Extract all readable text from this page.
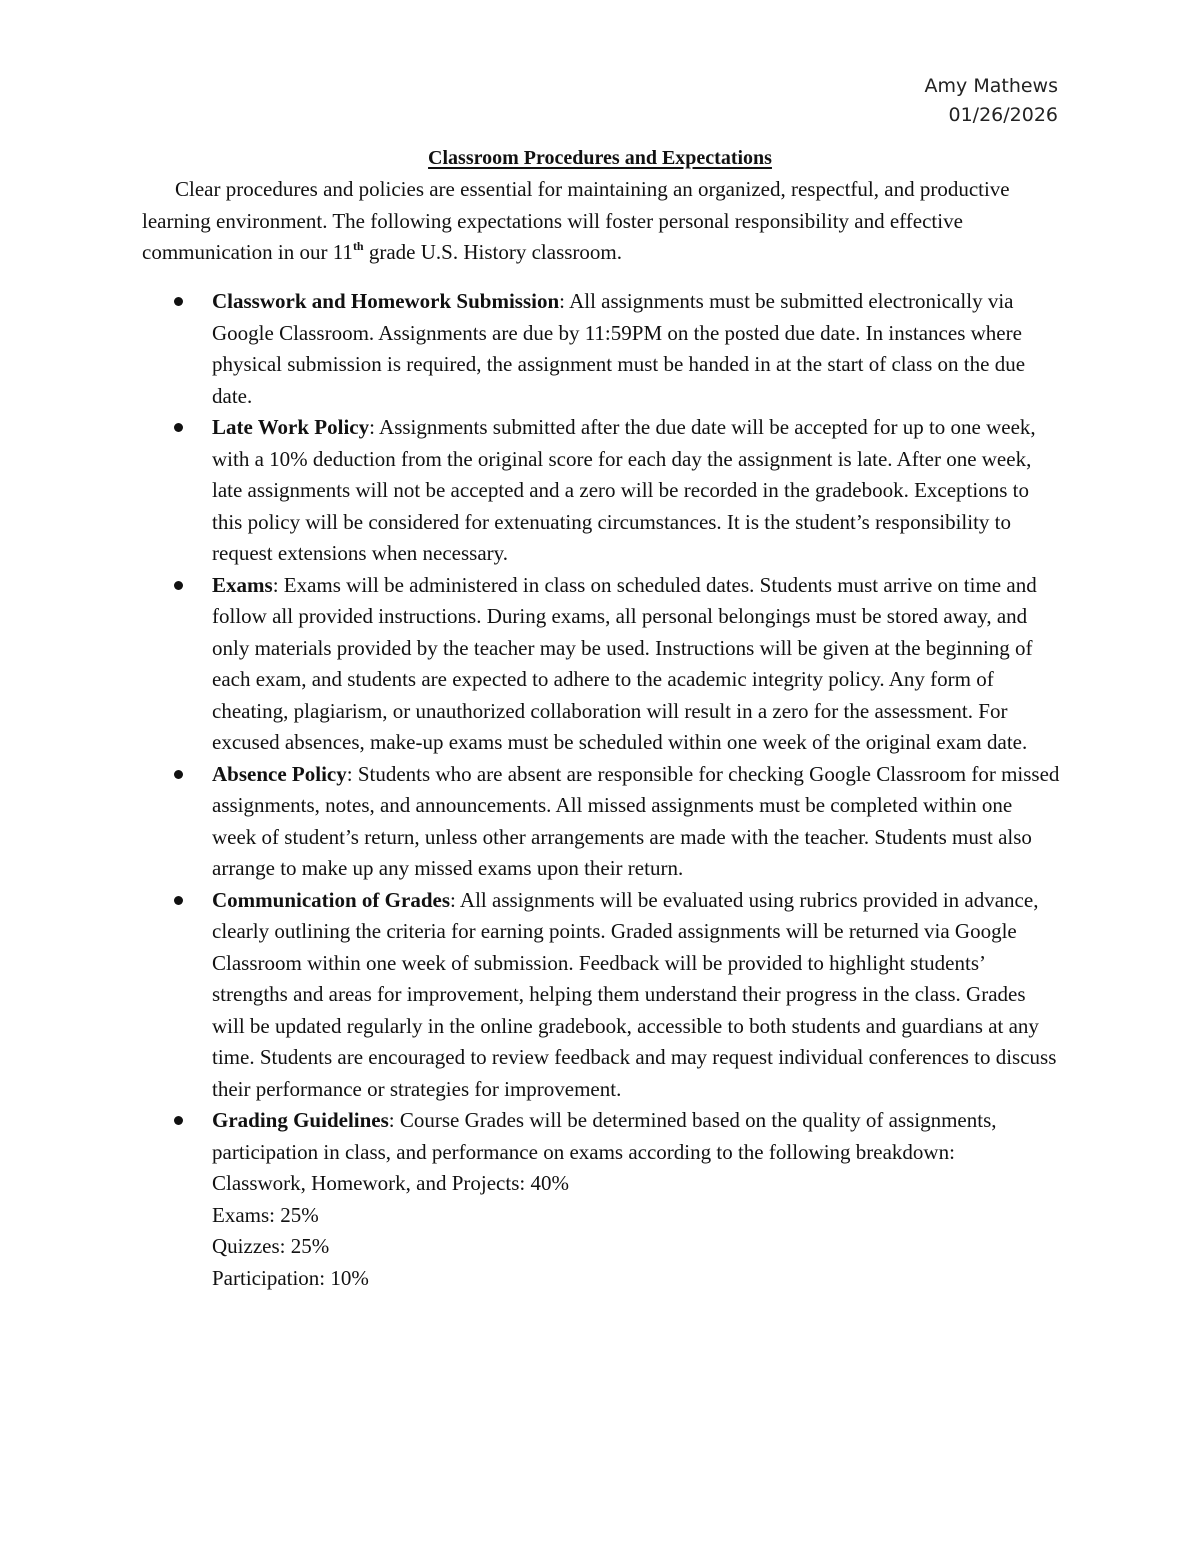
Amy Mathews
01/26/2026
Classroom Procedures and Expectations

Clear procedures and policies are essential for maintaining an organized, respectful, and productive learning environment. The following expectations will foster personal responsibility and effective communication in our 11th grade U.S. History classroom.

Classwork and Homework Submission: All assignments must be submitted electronically via Google Classroom. Assignments are due by 11:59PM on the posted due date. In instances where physical submission is required, the assignment must be handed in at the start of class on the due date.
Late Work Policy: Assignments submitted after the due date will be accepted for up to one week, with a 10% deduction from the original score for each day the assignment is late. After one week, late assignments will not be accepted and a zero will be recorded in the gradebook. Exceptions to this policy will be considered for extenuating circumstances. It is the student’s responsibility to request extensions when necessary.
Exams: Exams will be administered in class on scheduled dates. Students must arrive on time and follow all provided instructions. During exams, all personal belongings must be stored away, and only materials provided by the teacher may be used. Instructions will be given at the beginning of each exam, and students are expected to adhere to the academic integrity policy. Any form of cheating, plagiarism, or unauthorized collaboration will result in a zero for the assessment. For excused absences, make-up exams must be scheduled within one week of the original exam date.
Absence Policy: Students who are absent are responsible for checking Google Classroom for missed assignments, notes, and announcements. All missed assignments must be completed within one week of student’s return, unless other arrangements are made with the teacher. Students must also arrange to make up any missed exams upon their return.
Communication of Grades: All assignments will be evaluated using rubrics provided in advance, clearly outlining the criteria for earning points. Graded assignments will be returned via Google Classroom within one week of submission. Feedback will be provided to highlight students’ strengths and areas for improvement, helping them understand their progress in the class. Grades will be updated regularly in the online gradebook, accessible to both students and guardians at any time. Students are encouraged to review feedback and may request individual conferences to discuss their performance or strategies for improvement.
Grading Guidelines: Course Grades will be determined based on the quality of assignments, participation in class, and performance on exams according to the following breakdown:
Classwork, Homework, and Projects: 40%
Exams: 25%
Quizzes: 25%
Participation: 10%
